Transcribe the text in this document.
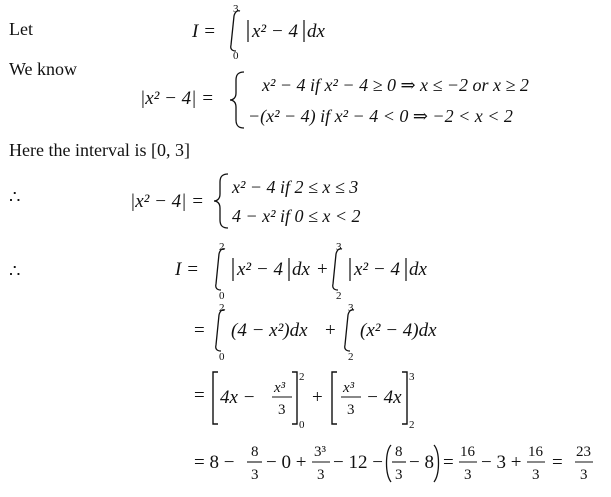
Let
We know
Here the interval is [0, 3]
∴
∴
I =
3
0
x² − 4 dx
|x² − 4| =
x² − 4 if x² − 4 ≥ 0 ⇒ x ≤ −2 or x ≥ 2
−(x² − 4) if x² − 4 < 0 ⇒ −2 < x < 2
|x² − 4| =
x² − 4 if 2 ≤ x ≤ 3
4 − x² if 0 ≤ x < 2
I =
2
0
x² − 4 dx +
3
2
x² − 4 dx
=
2
0
(4 − x²)dx +
3
2
(x² − 4)dx
= 4x − x³
3
2
0
+ x³
3
− 4x
3
2
= 8 − 8
3
− 0 + 3³
3
− 12 − 8
3
− 8 = 16
3
− 3 + 16
3
= 23
3
